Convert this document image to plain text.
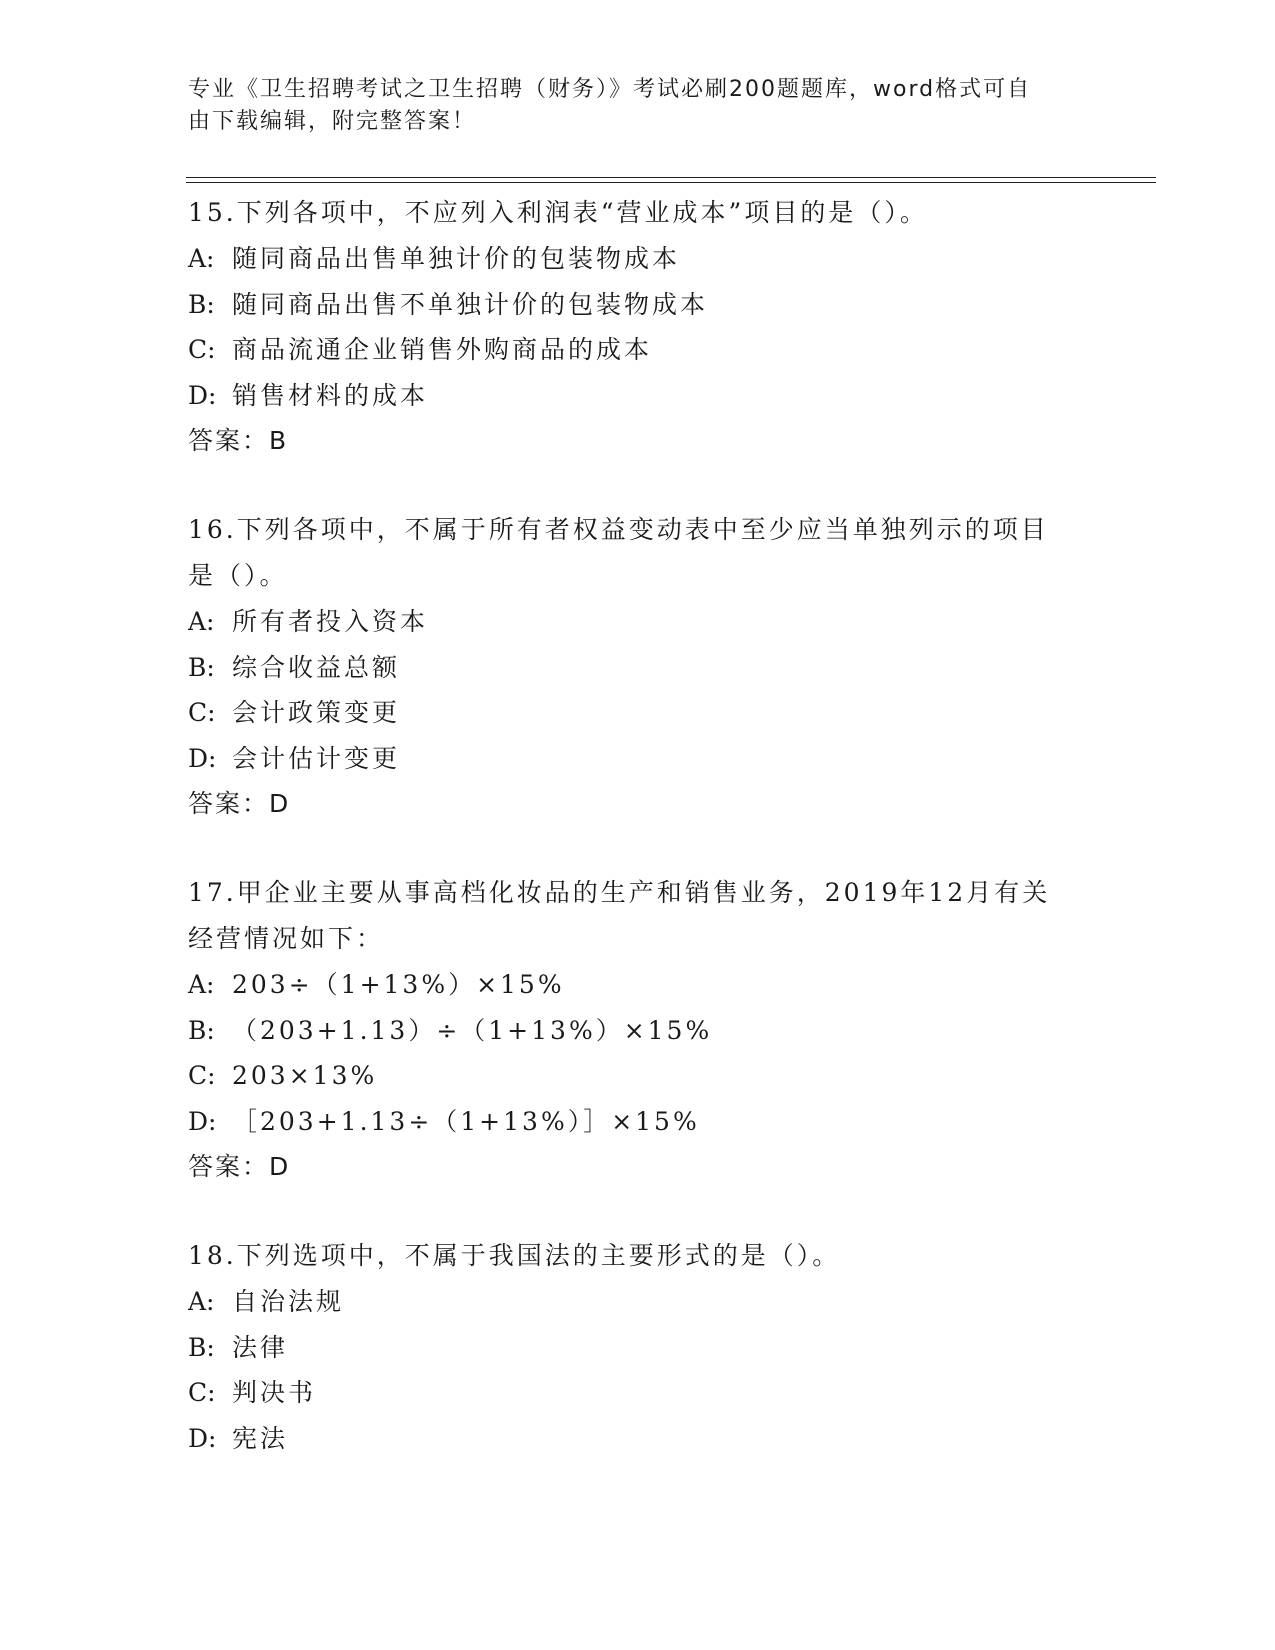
专业《卫生招聘考试之卫生招聘（财务）》考试必刷200题题库，word格式可自
由下载编辑，附完整答案！

15.下列各项中，不应列入利润表“营业成本”项目的是（）。

A: 随同商品出售单独计价的包装物成本

B: 随同商品出售不单独计价的包装物成本

C: 商品流通企业销售外购商品的成本

D: 销售材料的成本

答案：B

16.下列各项中，不属于所有者权益变动表中至少应当单独列示的项目

是（）。

A: 所有者投入资本

B: 综合收益总额

C: 会计政策变更

D: 会计估计变更

答案：D

17.甲企业主要从事高档化妆品的生产和销售业务，2019年12月有关

经营情况如下：

A: 203÷（1+13%）×15%

B: （203+1.13）÷（1+13%）×15%

C: 203×13%

D: ［203+1.13÷（1+13%）］×15%

答案：D

18.下列选项中，不属于我国法的主要形式的是（）。

A: 自治法规

B: 法律

C: 判决书

D: 宪法
